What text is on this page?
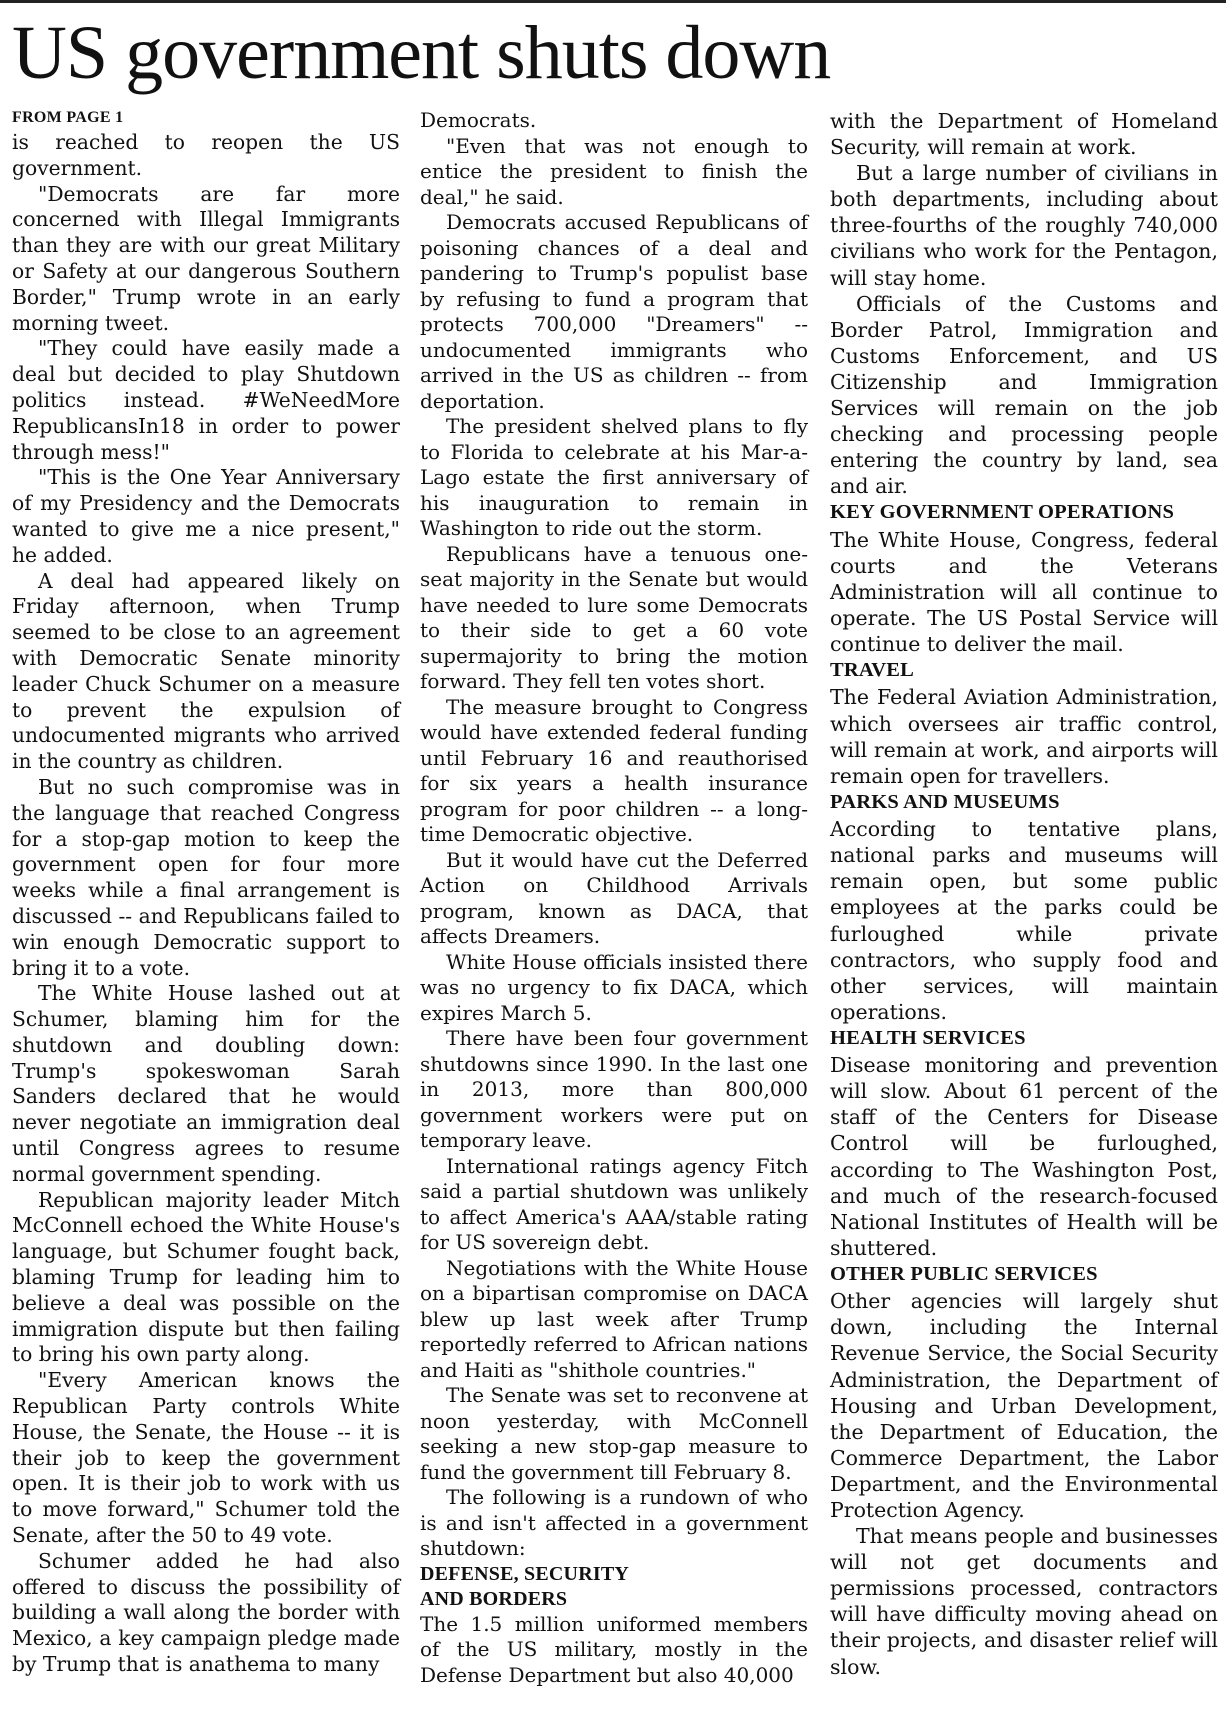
US government shuts down
FROM PAGE 1

is reached to reopen the US government.

"Democrats are far more concerned with Illegal Immigrants than they are with our great Military or Safety at our dangerous Southern Border," Trump wrote in an early morning tweet.

"They could have easily made a deal but decided to play Shutdown politics instead. #WeNeedMore RepublicansIn18 in order to power through mess!"

"This is the One Year Anniversary of my Presidency and the Democrats wanted to give me a nice present," he added.

A deal had appeared likely on Friday afternoon, when Trump seemed to be close to an agreement with Democratic Senate minority leader Chuck Schumer on a measure to prevent the expulsion of undocumented migrants who arrived in the country as children.

But no such compromise was in the language that reached Congress for a stop-gap motion to keep the government open for four more weeks while a final arrangement is discussed -- and Republicans failed to win enough Democratic support to bring it to a vote.

The White House lashed out at Schumer, blaming him for the shutdown and doubling down: Trump's spokeswoman Sarah Sanders declared that he would never negotiate an immigration deal until Congress agrees to resume normal government spending.

Republican majority leader Mitch McConnell echoed the White House's language, but Schumer fought back, blaming Trump for leading him to believe a deal was possible on the immigration dispute but then failing to bring his own party along.

"Every American knows the Republican Party controls White House, the Senate, the House -- it is their job to keep the government open. It is their job to work with us to move forward," Schumer told the Senate, after the 50 to 49 vote.

Schumer added he had also offered to discuss the possibility of building a wall along the border with Mexico, a key campaign pledge made by Trump that is anathema to many

Democrats.

"Even that was not enough to entice the president to finish the deal," he said.

Democrats accused Republicans of poisoning chances of a deal and pandering to Trump's populist base by refusing to fund a program that protects 700,000 "Dreamers" -- undocumented immigrants who arrived in the US as children -- from deportation.

The president shelved plans to fly to Florida to celebrate at his Mar-a-Lago estate the first anniversary of his inauguration to remain in Washington to ride out the storm.

Republicans have a tenuous one-seat majority in the Senate but would have needed to lure some Democrats to their side to get a 60 vote supermajority to bring the motion forward. They fell ten votes short.

The measure brought to Congress would have extended federal funding until February 16 and reauthorised for six years a health insurance program for poor children -- a long-time Democratic objective.

But it would have cut the Deferred Action on Childhood Arrivals program, known as DACA, that affects Dreamers.

White House officials insisted there was no urgency to fix DACA, which expires March 5.

There have been four government shutdowns since 1990. In the last one in 2013, more than 800,000 government workers were put on temporary leave.

International ratings agency Fitch said a partial shutdown was unlikely to affect America's AAA/stable rating for US sovereign debt.

Negotiations with the White House on a bipartisan compromise on DACA blew up last week after Trump reportedly referred to African nations and Haiti as "shithole countries."

The Senate was set to reconvene at noon yesterday, with McConnell seeking a new stop-gap measure to fund the government till February 8.

The following is a rundown of who is and isn't affected in a government shutdown:

DEFENSE, SECURITY
AND BORDERS

The 1.5 million uniformed members of the US military, mostly in the Defense Department but also 40,000

with the Department of Homeland Security, will remain at work.

But a large number of civilians in both departments, including about three-fourths of the roughly 740,000 civilians who work for the Pentagon, will stay home.

Officials of the Customs and Border Patrol, Immigration and Customs Enforcement, and US Citizenship and Immigration Services will remain on the job checking and processing people entering the country by land, sea and air.

KEY GOVERNMENT OPERATIONS

The White House, Congress, federal courts and the Veterans Administration will all continue to operate. The US Postal Service will continue to deliver the mail.

TRAVEL

The Federal Aviation Administration, which oversees air traffic control, will remain at work, and airports will remain open for travellers.

PARKS AND MUSEUMS

According to tentative plans, national parks and museums will remain open, but some public employees at the parks could be furloughed while private contractors, who supply food and other services, will maintain operations.

HEALTH SERVICES

Disease monitoring and prevention will slow. About 61 percent of the staff of the Centers for Disease Control will be furloughed, according to The Washington Post, and much of the research-focused National Institutes of Health will be shuttered.

OTHER PUBLIC SERVICES

Other agencies will largely shut down, including the Internal Revenue Service, the Social Security Administration, the Department of Housing and Urban Development, the Department of Education, the Commerce Department, the Labor Department, and the Environmental Protection Agency.

That means people and businesses will not get documents and permissions processed, contractors will have difficulty moving ahead on their projects, and disaster relief will slow.
